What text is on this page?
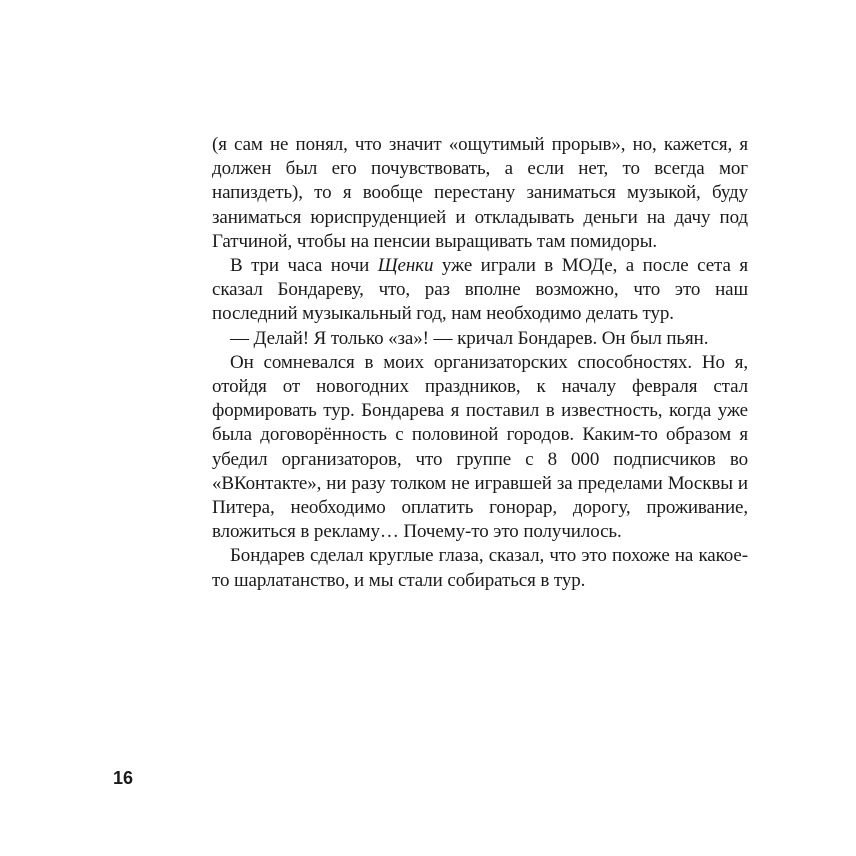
(я сам не понял, что значит «ощутимый прорыв», но, кажется, я должен был его почувствовать, а если нет, то всегда мог напиздеть), то я вообще перестану заниматься музыкой, буду заниматься юриспруденцией и откладывать деньги на дачу под Гатчиной, чтобы на пенсии выращивать там помидоры.

В три часа ночи Щенки уже играли в МОДе, а после сета я сказал Бондареву, что, раз вполне возможно, что это наш последний музыкальный год, нам необходимо делать тур.

— Делай! Я только «за»! — кричал Бондарев. Он был пьян.

Он сомневался в моих организаторских способностях. Но я, отойдя от новогодних праздников, к началу февраля стал формировать тур. Бондарева я поставил в известность, когда уже была договорённость с половиной городов. Каким-то образом я убедил организаторов, что группе с 8 000 подписчиков во «ВКонтакте», ни разу толком не игравшей за пределами Москвы и Питера, необходимо оплатить гонорар, дорогу, проживание, вложиться в рекламу… Почему-то это получилось.

Бондарев сделал круглые глаза, сказал, что это похоже на какое-то шарлатанство, и мы стали собираться в тур.

16
